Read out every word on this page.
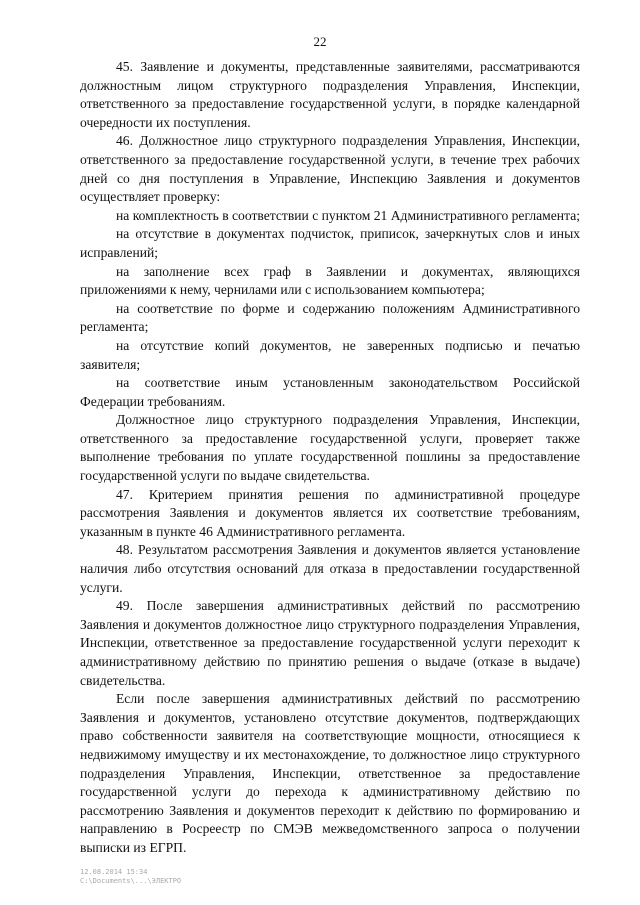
22

45. Заявление и документы, представленные заявителями, рассматриваются должностным лицом структурного подразделения Управления, Инспекции, ответственного за предоставление государственной услуги, в порядке календарной очередности их поступления.

46. Должностное лицо структурного подразделения Управления, Инспекции, ответственного за предоставление государственной услуги, в течение трех рабочих дней со дня поступления в Управление, Инспекцию Заявления и документов осуществляет проверку:

на комплектность в соответствии с пунктом 21 Административного регламента;

на отсутствие в документах подчисток, приписок, зачеркнутых слов и иных исправлений;

на заполнение всех граф в Заявлении и документах, являющихся приложениями к нему, чернилами или с использованием компьютера;

на соответствие по форме и содержанию положениям Административного регламента;

на отсутствие копий документов, не заверенных подписью и печатью заявителя;

на соответствие иным установленным законодательством Российской Федерации требованиям.

Должностное лицо структурного подразделения Управления, Инспекции, ответственного за предоставление государственной услуги, проверяет также выполнение требования по уплате государственной пошлины за предоставление государственной услуги по выдаче свидетельства.

47. Критерием принятия решения по административной процедуре рассмотрения Заявления и документов является их соответствие требованиям, указанным в пункте 46 Административного регламента.

48. Результатом рассмотрения Заявления и документов является установление наличия либо отсутствия оснований для отказа в предоставлении государственной услуги.

49. После завершения административных действий по рассмотрению Заявления и документов должностное лицо структурного подразделения Управления, Инспекции, ответственное за предоставление государственной услуги переходит к административному действию по принятию решения о выдаче (отказе в выдаче) свидетельства.

Если после завершения административных действий по рассмотрению Заявления и документов, установлено отсутствие документов, подтверждающих право собственности заявителя на соответствующие мощности, относящиеся к недвижимому имуществу и их местонахождение, то должностное лицо структурного подразделения Управления, Инспекции, ответственное за предоставление государственной услуги до перехода к административному действию по рассмотрению Заявления и документов переходит к действию по формированию и направлению в Росреестр по СМЭВ межведомственного запроса о получении выписки из ЕГРП.

12.08.2014 15:34
С:\Documents\...\ЭЛЕКТРО
